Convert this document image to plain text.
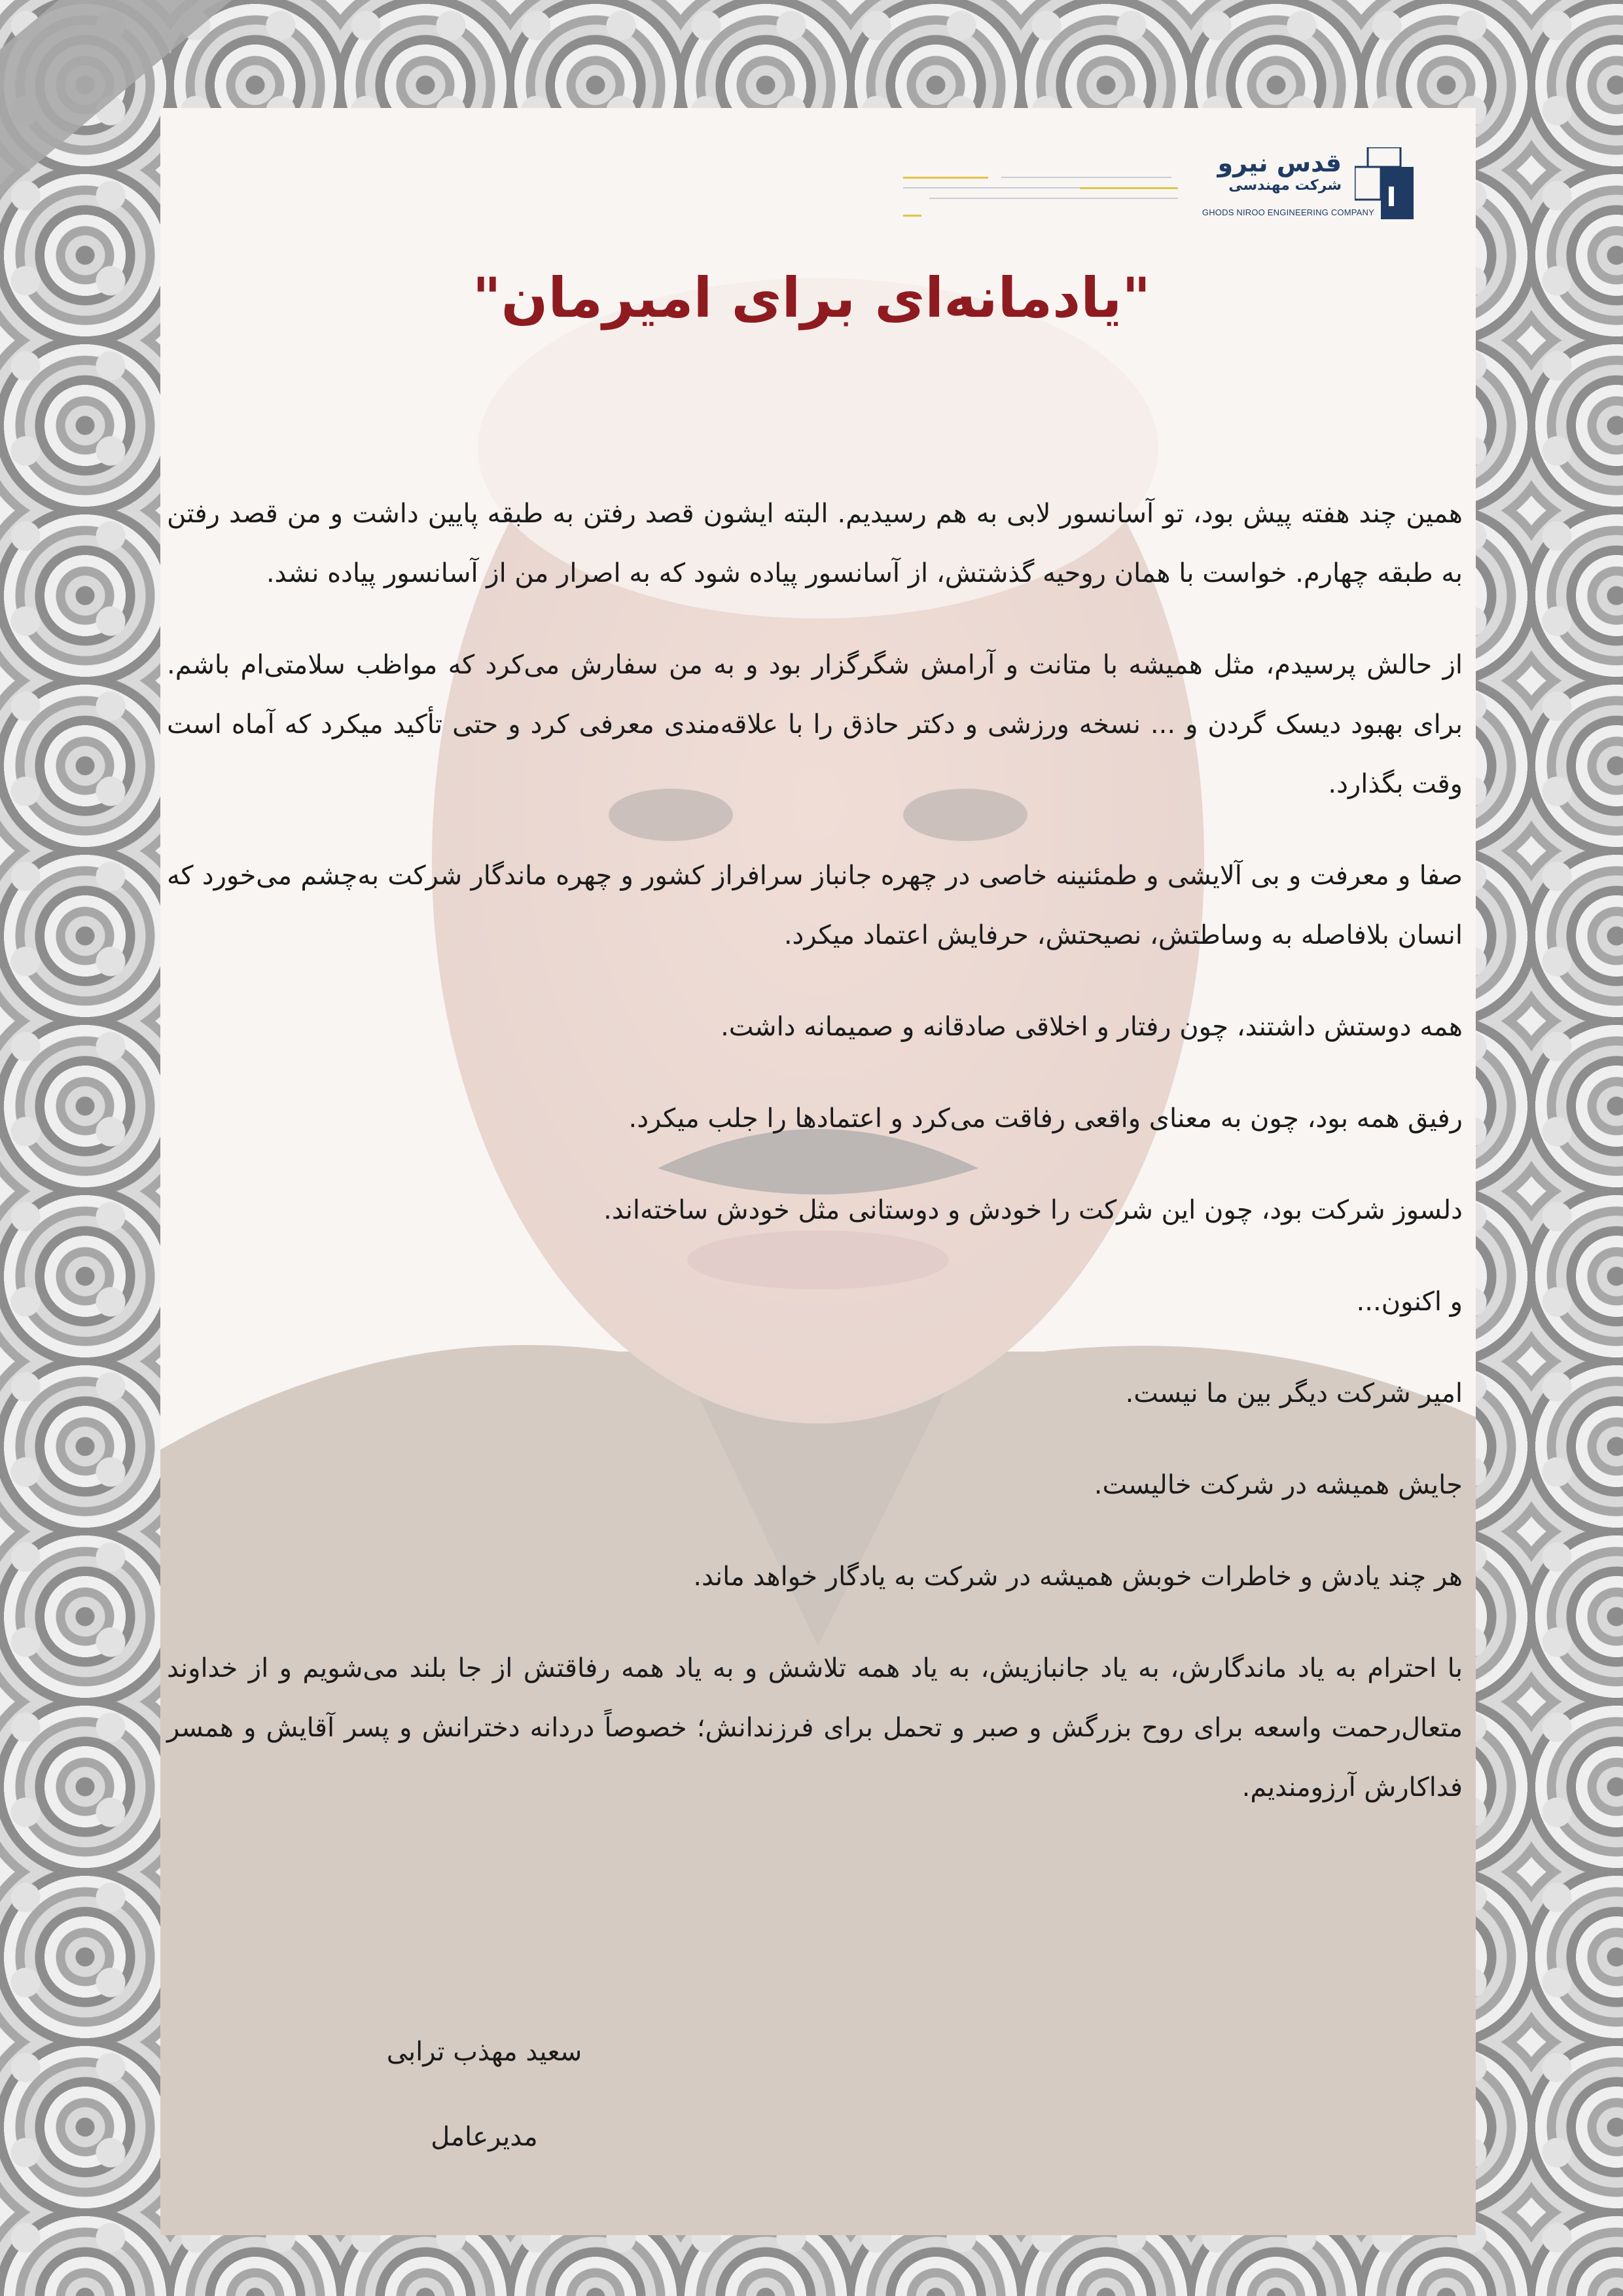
قدس نیرو
شرکت مهندسی
GHODS NIROO ENGINEERING COMPANY
"یادمانه‌ای برای امیرمان"

همین چند هفته پیش بود، تو آسانسور لابی به هم رسیدیم. البته ایشون قصد رفتن به طبقه پایین داشت و من قصد رفتن به طبقه چهارم. خواست با همان روحیه گذشتش، از آسانسور پیاده شود که به اصرار من از آسانسور پیاده نشد.

از حالش پرسیدم، مثل همیشه با متانت و آرامش شگرگزار بود و به من سفارش می‌کرد که مواظب سلامتی‌ام باشم. برای بهبود دیسک گردن و ... نسخه ورزشی و دکتر حاذق را با علاقه‌مندی معرفی کرد و حتی تأکید میکرد که آماه است وقت بگذارد.

صفا و معرفت و بی آلایشی و طمئنینه خاصی در چهره جانباز سرافراز کشور و چهره ماندگار شرکت به‌چشم می‌خورد که انسان بلافاصله به وساطتش، نصیحتش، حرفایش اعتماد میکرد.

همه دوستش داشتند، چون رفتار و اخلاقی صادقانه و صمیمانه داشت.

رفیق همه بود، چون به معنای واقعی رفاقت می‌کرد و اعتمادها را جلب میکرد.

دلسوز شرکت بود، چون این شرکت را خودش و دوستانی مثل خودش ساخته‌اند.

و اکنون...

امیر شرکت دیگر بین ما نیست.

جایش همیشه در شرکت خالیست.

هر چند یادش و خاطرات خوبش همیشه در شرکت به یادگار خواهد ماند.

با احترام به یاد ماندگارش، به یاد جانبازیش، به یاد همه تلاشش و به یاد همه رفاقتش از جا بلند می‌شویم و از خداوند متعال‌رحمت واسعه برای روح بزرگش و صبر و تحمل برای فرزندانش؛ خصوصاً دردانه دخترانش و پسر آقایش و همسر فداکارش آرزومندیم.

سعید مهذب ترابی
مدیرعامل
